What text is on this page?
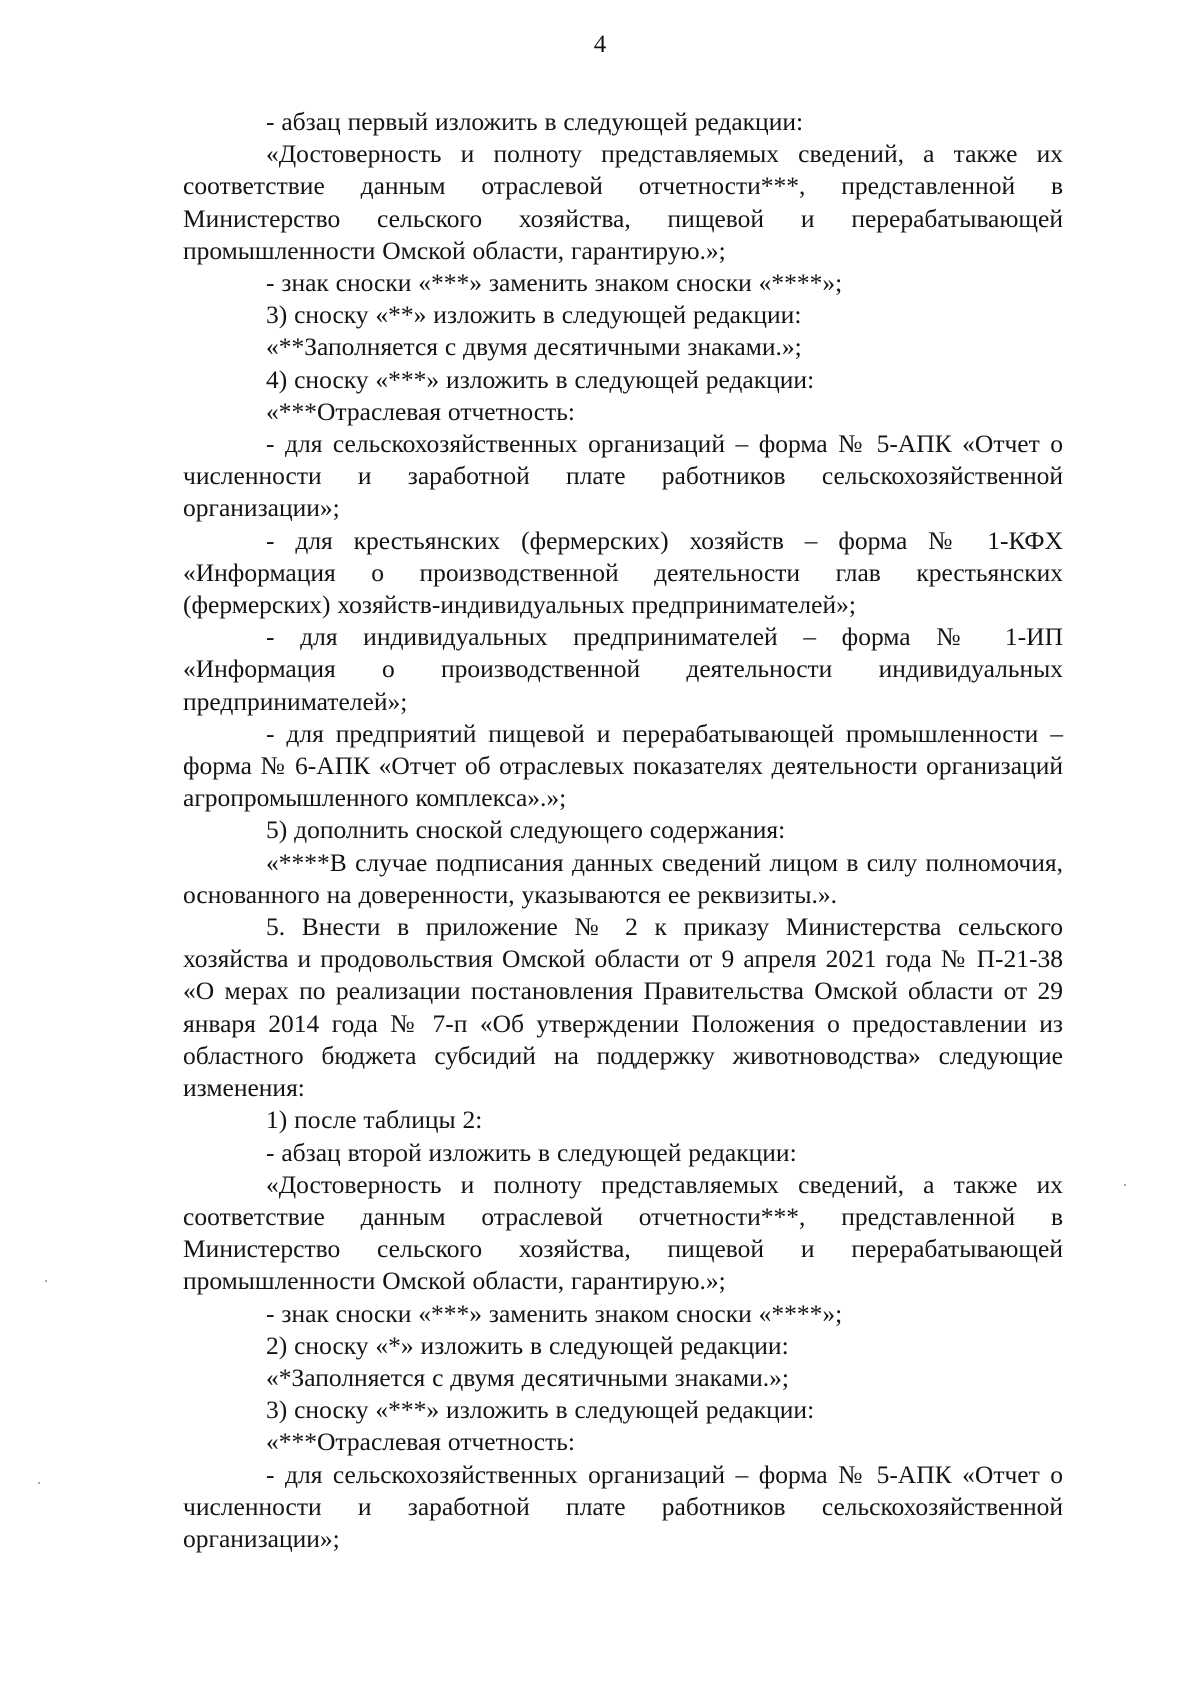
4

- абзац первый изложить в следующей редакции:

«Достоверность и полноту представляемых сведений, а также их соответствие данным отраслевой отчетности***, представленной в Министерство сельского хозяйства, пищевой и перерабатывающей промышленности Омской области, гарантирую.»;

- знак сноски «***» заменить знаком сноски «****»;

3) сноску «**» изложить в следующей редакции:

«**Заполняется с двумя десятичными знаками.»;

4) сноску «***» изложить в следующей редакции:

«***Отраслевая отчетность:

- для сельскохозяйственных организаций – форма № 5-АПК «Отчет о численности и заработной плате работников сельскохозяйственной организации»;

- для крестьянских (фермерских) хозяйств – форма № 1-КФХ «Информация о производственной деятельности глав крестьянских (фермерских) хозяйств-индивидуальных предпринимателей»;

- для индивидуальных предпринимателей – форма № 1-ИП «Информация о производственной деятельности индивидуальных предпринимателей»;

- для предприятий пищевой и перерабатывающей промышленности – форма № 6-АПК «Отчет об отраслевых показателях деятельности организаций агропромышленного комплекса».»;

5) дополнить сноской следующего содержания:

«****В случае подписания данных сведений лицом в силу полномочия, основанного на доверенности, указываются ее реквизиты.».

5. Внести в приложение № 2 к приказу Министерства сельского хозяйства и продовольствия Омской области от 9 апреля 2021 года № П-21-38 «О мерах по реализации постановления Правительства Омской области от 29 января 2014 года № 7-п «Об утверждении Положения о предоставлении из областного бюджета субсидий на поддержку животноводства» следующие изменения:

1) после таблицы 2:

- абзац второй изложить в следующей редакции:

«Достоверность и полноту представляемых сведений, а также их соответствие данным отраслевой отчетности***, представленной в Министерство сельского хозяйства, пищевой и перерабатывающей промышленности Омской области, гарантирую.»;

- знак сноски «***» заменить знаком сноски «****»;

2) сноску «*» изложить в следующей редакции:

«*Заполняется с двумя десятичными знаками.»;

3) сноску «***» изложить в следующей редакции:

«***Отраслевая отчетность:

- для сельскохозяйственных организаций – форма № 5-АПК «Отчет о численности и заработной плате работников сельскохозяйственной организации»;
